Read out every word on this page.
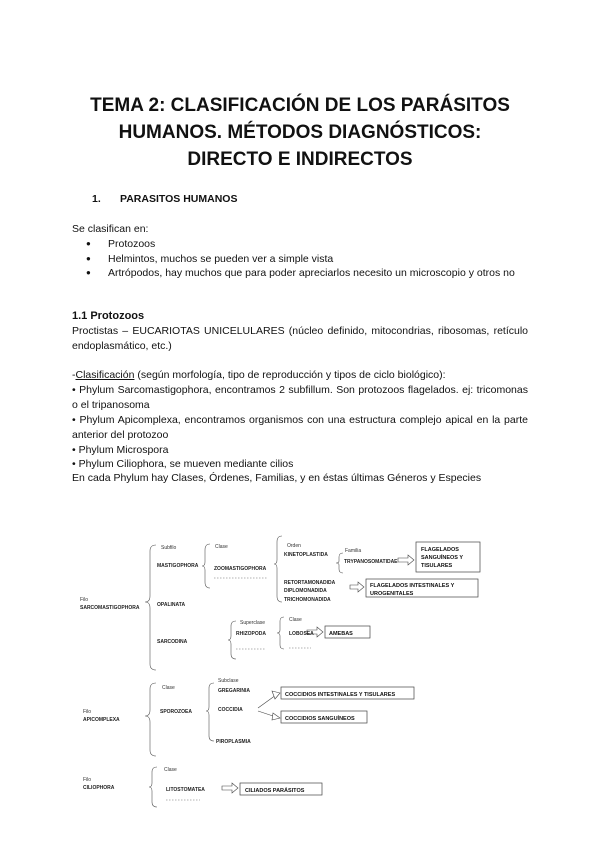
TEMA 2: CLASIFICACIÓN DE LOS PARÁSITOS
HUMANOS. MÉTODOS DIAGNÓSTICOS:
DIRECTO E INDIRECTOS
1. PARASITOS HUMANOS
Se clasifican en:
● Protozoos
● Helmintos, muchos se pueden ver a simple vista
● Artrópodos, hay muchos que para poder apreciarlos necesito un microscopio y otros no
1.1 Protozoos

Proctistas – EUCARIOTAS UNICELULARES (núcleo definido, mitocondrias, ribosomas, retículo endoplasmático, etc.)

-Clasificación (según morfología, tipo de reproducción y tipos de ciclo biológico):

• Phylum Sarcomastigophora, encontramos 2 subfillum. Son protozoos flagelados. ej: tricomonas o el tripanosoma

• Phylum Apicomplexa, encontramos organismos con una estructura complejo apical en la parte anterior del protozoo

• Phylum Microspora

• Phylum Ciliophora, se mueven mediante cilios

En cada Phylum hay Clases, Órdenes, Familias, y en éstas últimas Géneros y Especies

Subfilo	Clase	Orden
Familia
Superclase	Clase
Clase
Subclase
Clase
Filo
SARCOMASTIGOPHORA
Filo
APICOMPLEXA
Filo
CILIOPHORA
MASTIGOPHORA	ZOOMASTIGOPHORA
OPALINATA
SARCODINA
RHIZOPODA	LOBOSEA
KINETOPLASTIDA
TRYPANOSOMATIDAE
RETORTAMONADIDA
DIPLOMONADIDA
TRICHOMONADIDA
SPOROZOEA
GREGARINIA
COCCIDIA
PIROPLASMIA
LITOSTOMATEA
FLAGELADOS
SANGUÍNEOS Y
TISULARES
FLAGELADOS INTESTINALES Y
UROGENITALES
AMEBAS
COCCIDIOS INTESTINALES Y TISULARES
COCCIDIOS SANGUÍNEOS
CILIADOS PARÁSITOS
